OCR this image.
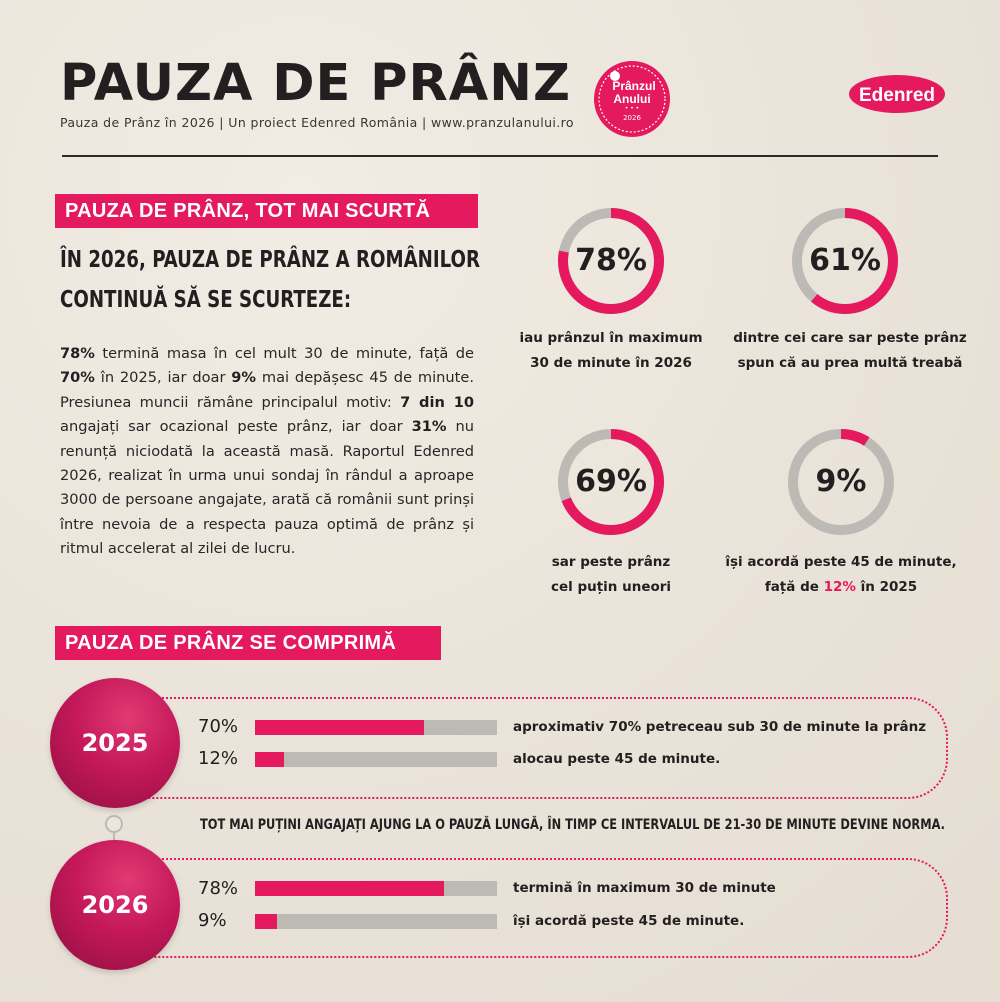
PAUZA DE PRÂNZ
Pauza de Prânz în 2026 | Un proiect Edenred România | www.pranzulanului.ro
Prânzul
Anului
• • •
2026
Edenred
PAUZA DE PRÂNZ, TOT MAI SCURTĂ
ÎN 2026, PAUZA DE PRÂNZ A ROMÂNILOR
CONTINUĂ SĂ SE SCURTEZE:
78% termină masa în cel mult 30 de minute, față de 70% în 2025, iar doar 9% mai depășesc 45 de minute. Presiunea muncii rămâne principalul motiv: 7 din 10 angajați sar ocazional peste prânz, iar doar 31% nu renunță niciodată la această masă. Raportul Edenred 2026, realizat în urma unui sondaj în rândul a aproape 3000 de persoane angajate, arată că românii sunt prinși între nevoia de a respecta pauza optimă de prânz și ritmul accelerat al zilei de lucru.
78%
iau prânzul în maximum
30 de minute în 2026
61%
dintre cei care sar peste prânz
spun că au prea multă treabă
69%
sar peste prânz
cel puțin uneori
9%
își acordă peste 45 de minute,
față de 12% în 2025
PAUZA DE PRÂNZ SE COMPRIMĂ
2025
70%	aproximativ 70% petreceau sub 30 de minute la prânz
12%	alocau peste 45 de minute.
TOT MAI PUȚINI ANGAJAȚI AJUNG LA O PAUZĂ LUNGĂ, ÎN TIMP CE INTERVALUL DE 21-30 DE MINUTE DEVINE NORMA.
2026
78%	termină în maximum 30 de minute
9%	își acordă peste 45 de minute.
